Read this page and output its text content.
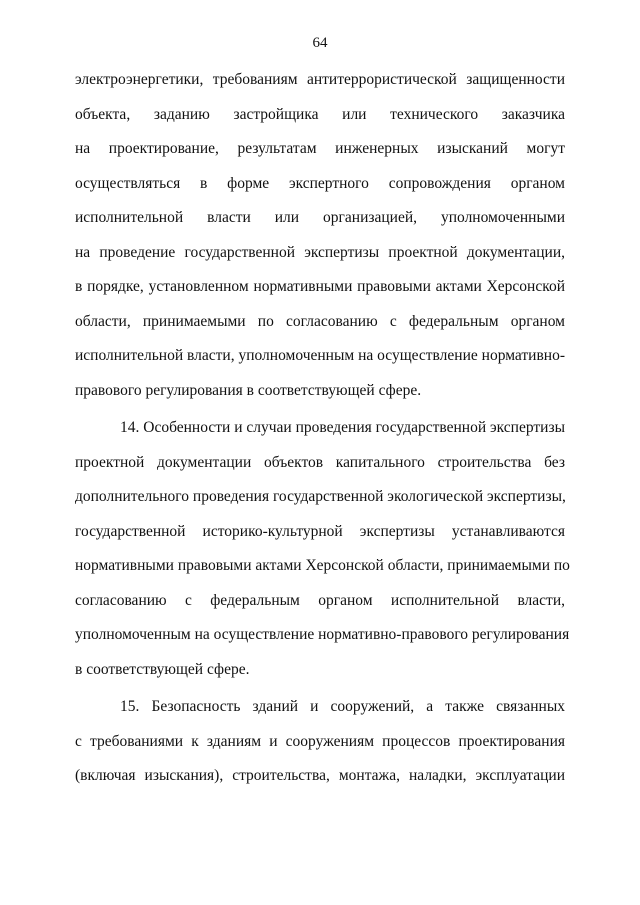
64
электроэнергетики, требованиям антитеррористической защищенности
объекта, заданию застройщика или технического заказчика
на проектирование, результатам инженерных изысканий могут
осуществляться в форме экспертного сопровождения органом
исполнительной власти или организацией, уполномоченными
на проведение государственной экспертизы проектной документации,
в порядке, установленном нормативными правовыми актами Херсонской
области, принимаемыми по согласованию с федеральным органом
исполнительной власти, уполномоченным на осуществление нормативно-
правового регулирования в соответствующей сфере.
14. Особенности и случаи проведения государственной экспертизы
проектной документации объектов капитального строительства без
дополнительного проведения государственной экологической экспертизы,
государственной историко-культурной экспертизы устанавливаются
нормативными правовыми актами Херсонской области, принимаемыми по
согласованию с федеральным органом исполнительной власти,
уполномоченным на осуществление нормативно-правового регулирования
в соответствующей сфере.
15. Безопасность зданий и сооружений, а также связанных
с требованиями к зданиям и сооружениям процессов проектирования
(включая изыскания), строительства, монтажа, наладки, эксплуатации
